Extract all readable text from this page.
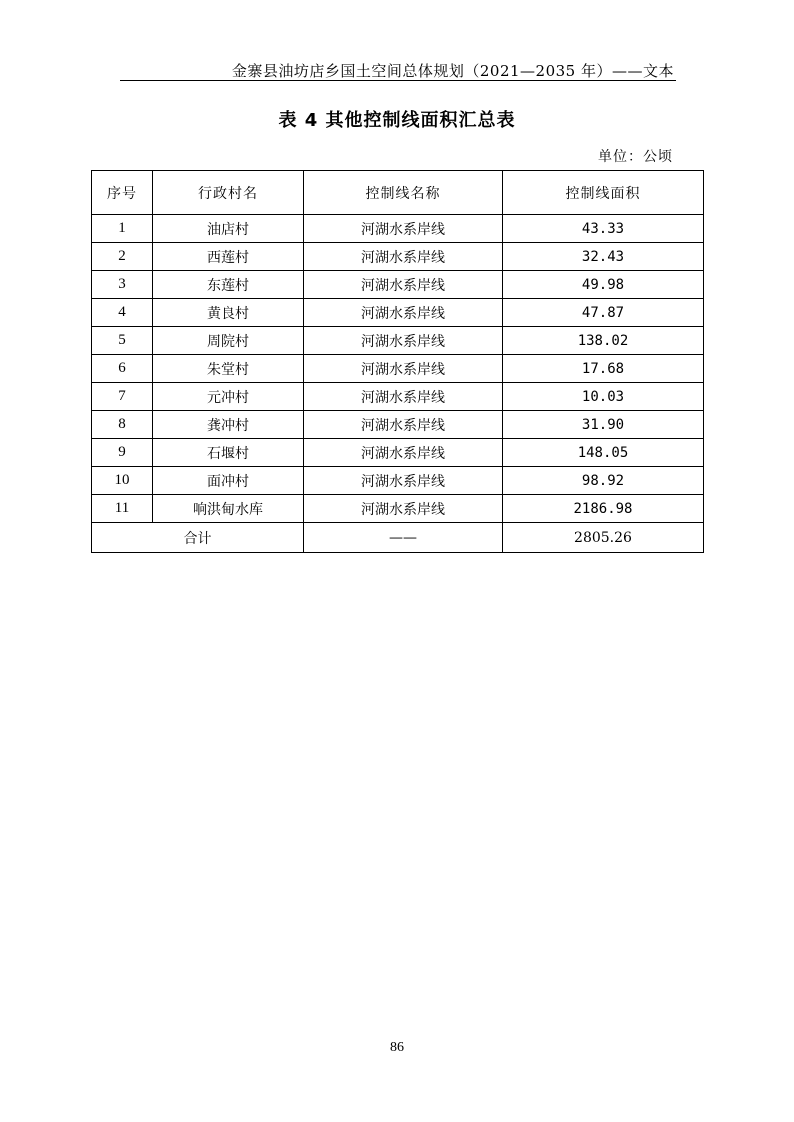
金寨县油坊店乡国土空间总体规划（2021—2035 年）——文本
表 4 其他控制线面积汇总表
单位：公顷
序号	行政村名	控制线名称	控制线面积
1	油店村	河湖水系岸线	43.33
2	西莲村	河湖水系岸线	32.43
3	东莲村	河湖水系岸线	49.98
4	黄良村	河湖水系岸线	47.87
5	周院村	河湖水系岸线	138.02
6	朱堂村	河湖水系岸线	17.68
7	元冲村	河湖水系岸线	10.03
8	龚冲村	河湖水系岸线	31.90
9	石堰村	河湖水系岸线	148.05
10	面冲村	河湖水系岸线	98.92
11	响洪甸水库	河湖水系岸线	2186.98
合计		——	2805.26
86
